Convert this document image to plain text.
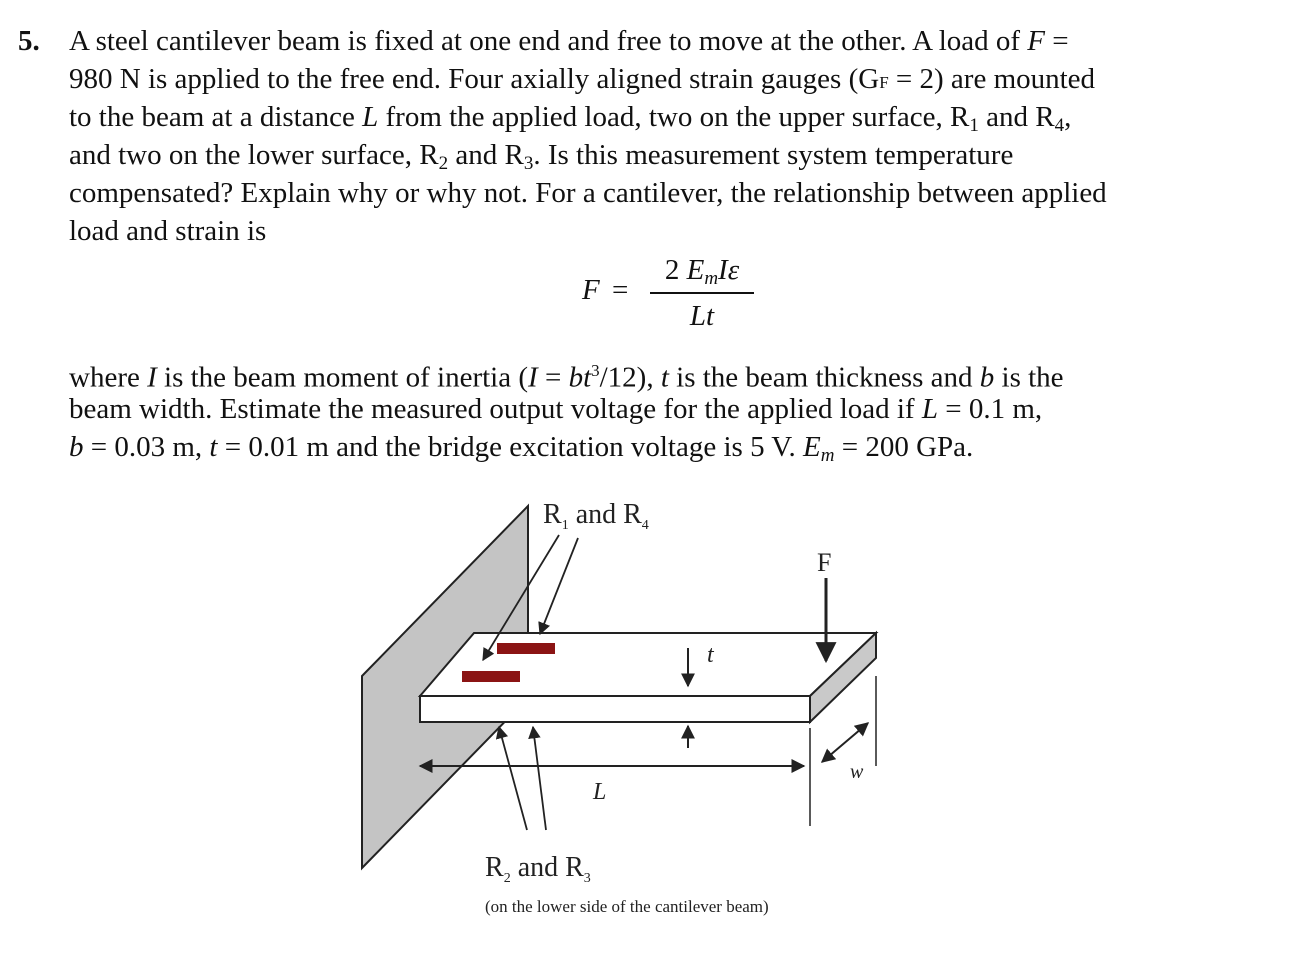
5. A steel cantilever beam is fixed at one end and free to move at the other. A load of F =
980 N is applied to the free end. Four axially aligned strain gauges (GF = 2) are mounted
to the beam at a distance L from the applied load, two on the upper surface, R1 and R4,
and two on the lower surface, R2 and R3. Is this measurement system temperature
compensated? Explain why or why not. For a cantilever, the relationship between applied
load and strain is
F =
2 EmIε
Lt
where I is the beam moment of inertia $(I = bt^3/12)$, t is the beam thickness and b is the
beam width. Estimate the measured output voltage for the applied load if L = 0.1 m,
b = 0.03 m, t = 0.01 m and the bridge excitation voltage is 5 V. Em = 200 GPa.
$R_1$ and $R_4$
F
t
L
w
$R_2$ and $R_3$
(on the lower side of the cantilever beam)
